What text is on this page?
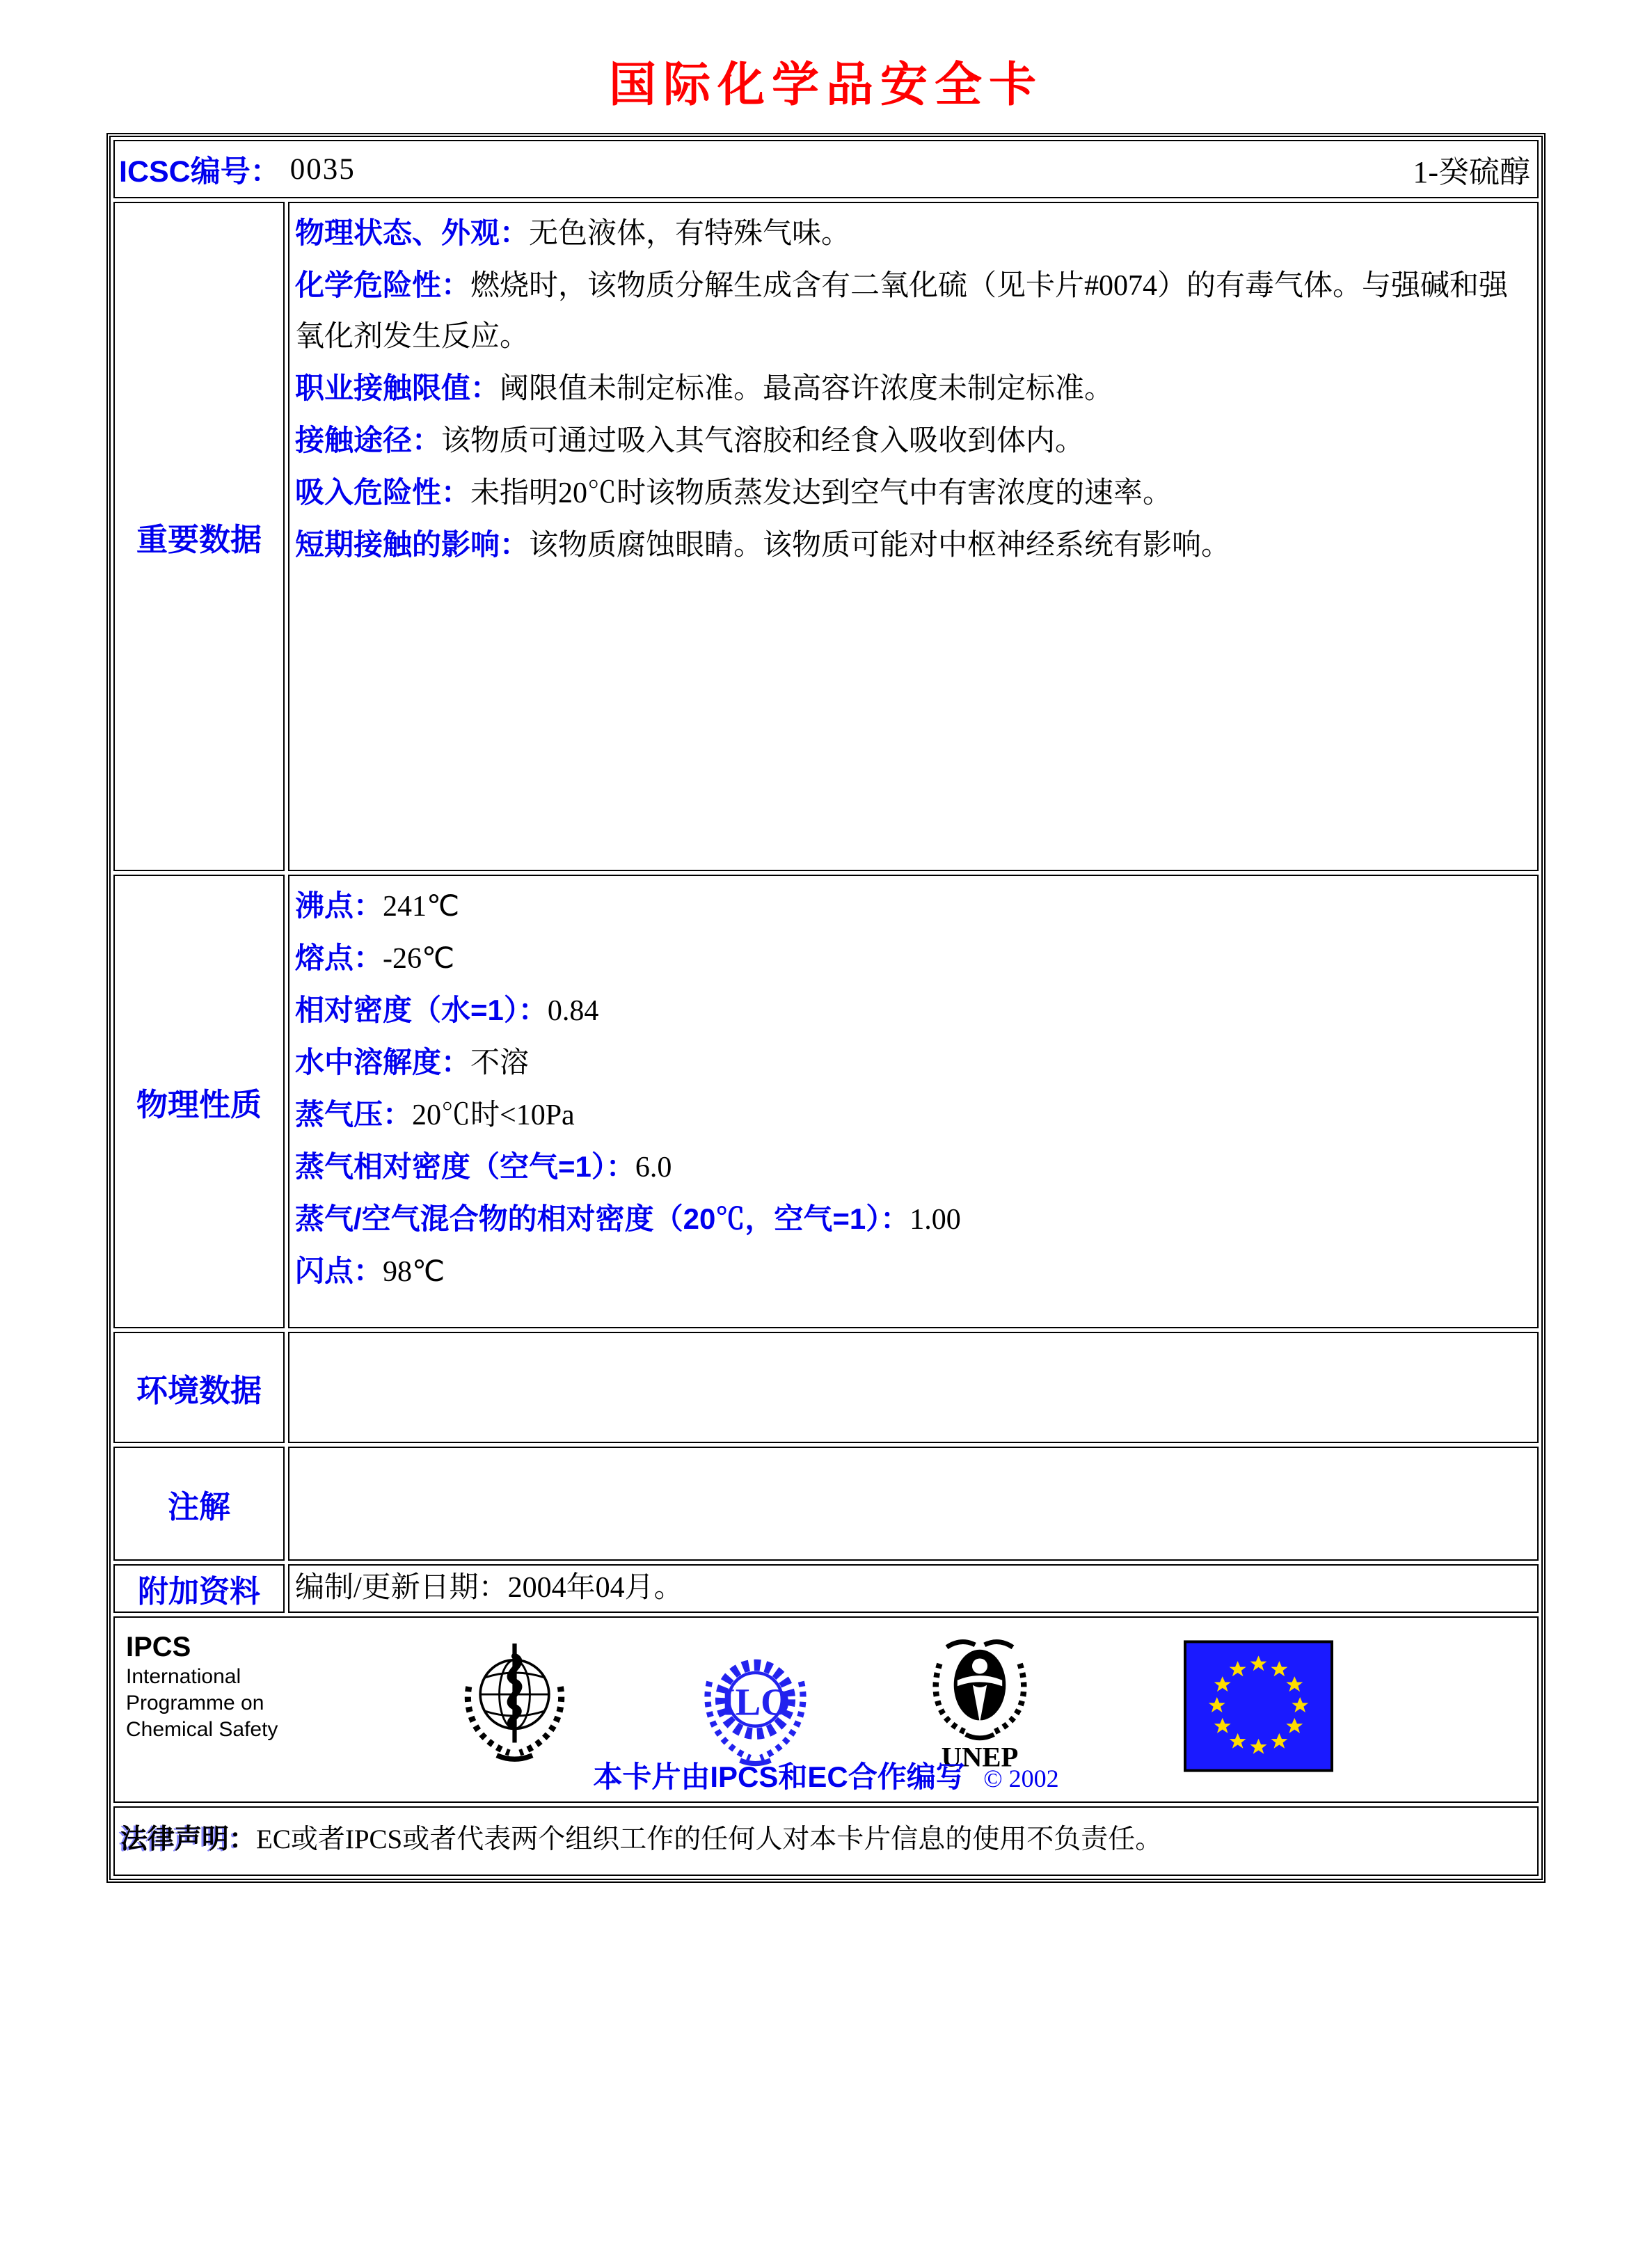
国际化学品安全卡
ICSC编号： 0035	1-癸硫醇
重要数据

物理状态、外观：无色液体，有特殊气味。

化学危险性：燃烧时，该物质分解生成含有二氧化硫（见卡片#0074）的有毒气体。与强碱和强氧化剂发生反应。

职业接触限值：阈限值未制定标准。最高容许浓度未制定标准。

接触途径：该物质可通过吸入其气溶胶和经食入吸收到体内。

吸入危险性：未指明20℃时该物质蒸发达到空气中有害浓度的速率。

短期接触的影响：该物质腐蚀眼睛。该物质可能对中枢神经系统有影响。

物理性质

沸点：241℃

熔点：-26℃

相对密度（水=1）：0.84

水中溶解度：不溶

蒸气压：20℃时<10Pa

蒸气相对密度（空气=1）：6.0

蒸气/空气混合物的相对密度（20℃，空气=1）：1.00

闪点：98℃

环境数据
注解
附加资料 编制/更新日期：2004年04月。

IPCS
International
Programme on
Chemical Safety
ILO
UNEP
本卡片由IPCS和EC合作编写 © 2002
法律声明：EC或者IPCS或者代表两个组织工作的任何人对本卡片信息的使用不负责任。
